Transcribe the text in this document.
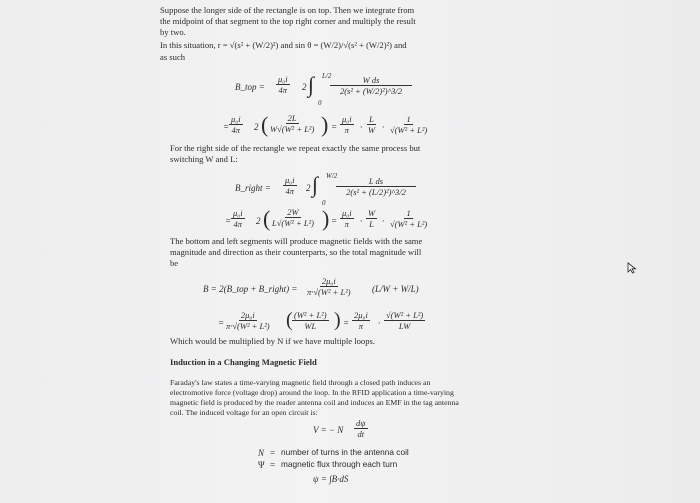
Suppose the longer side of the rectangle is on top. Then we integrate from
the midpoint of that segment to the top right corner and multiply the result
by two.
In this situation, r = √(s² + (W/2)²) and sin θ = (W/2)/√(s² + (W/2)²) and
as such
B_top = $\frac{\text{μ₀i}}{4\pi} 2$ ∫ L/2
0
$\frac{\text{W ds}}{\text{2(s² + (W/2)²)\textasciicircum{}3/2}}$
= $\frac{\text{μ₀i}}{4\pi} 2$ ( $\frac{2L}{\text{W√(W² + L²)}}$ ) = $\frac{\text{μ₀i}}{\pi} \cdot \frac{L}{W} \cdot \frac{1}{\text{√(W² + L²)}}$
For the right side of the rectangle we repeat exactly the same process but
switching W and L:
B_right = $\frac{\text{μ₀i}}{4\pi} 2$ ∫ W/2
0
$\frac{\text{L ds}}{\text{2(s² + (L/2)²)\textasciicircum{}3/2}}$
= $\frac{\text{μ₀i}}{4\pi} 2$ ( $\frac{2W}{\text{L√(W² + L²)}}$ ) = $\frac{\text{μ₀i}}{\pi} \cdot \frac{W}{L} \cdot \frac{1}{\text{√(W² + L²)}}$
The bottom and left segments will produce magnetic fields with the same
magnitude and direction as their counterparts, so the total magnitude will
be
B = 2(B_top + B_right) = $\frac{\text{2μ₀i}}{\text{π·√(W² + L²)}} (L/W + W/L)$
= $\frac{\text{2μ₀i}}{\text{π·√(W² + L²)}}$ ( $\frac{\text{(W² + L²)}}{WL}$ ) = $\frac{\text{2μ₀i}}{\pi} \cdot \frac{\text{√(W² + L²)}}{LW}$
Which would be multiplied by N if we have multiple loops.
Induction in a Changing Magnetic Field
Faraday's law states a time-varying magnetic field through a closed path induces an
electromotive force (voltage drop) around the loop. In the RFID application a time-varying
magnetic field is produced by the reader antenna coil and induces an EMF in the tag antenna
coil. The induced voltage for an open circuit is:
V = − N $\frac{d\psi}{dt}$
N = number of turns in the antenna coil
Ψ = magnetic flux through each turn
ψ = ∫B·dS
